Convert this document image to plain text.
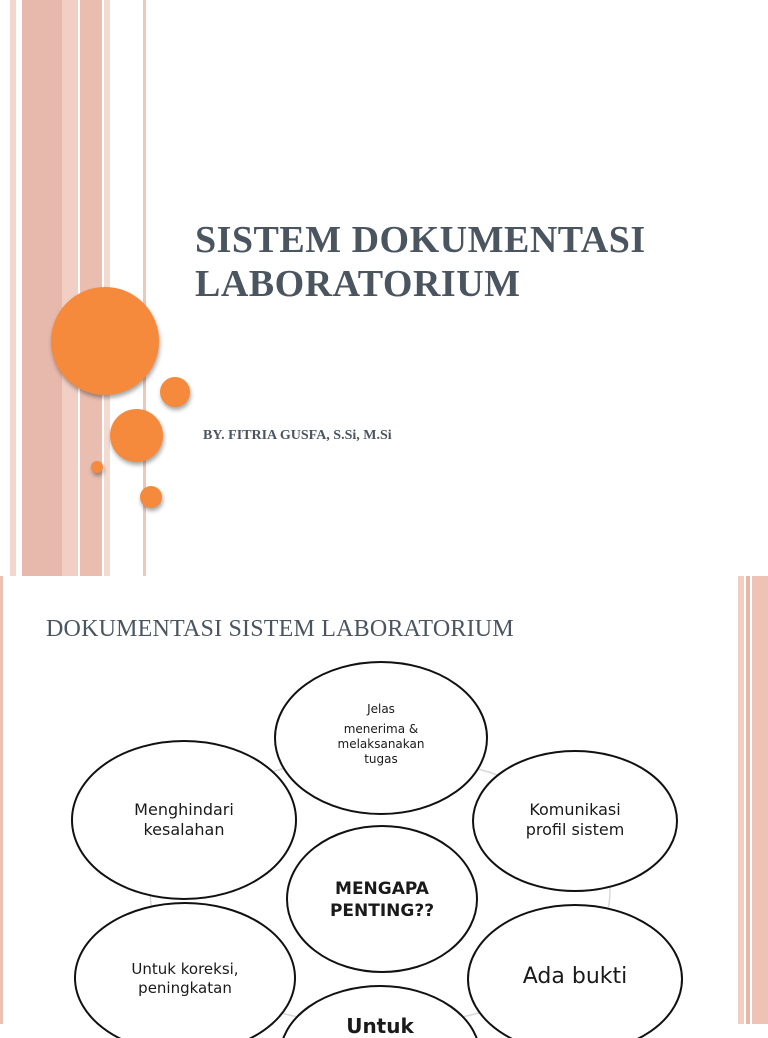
SISTEM DOKUMENTASI
LABORATORIUM
BY. FITRIA GUSFA, S.Si, M.Si
DOKUMENTASI SISTEM LABORATORIUM
Jelas
menerima &
melaksanakan
tugas
Menghindari
kesalahan
Komunikasi
profil sistem
MENGAPA
PENTING??
Untuk koreksi,
peningkatan	Ada bukti
Untuk
